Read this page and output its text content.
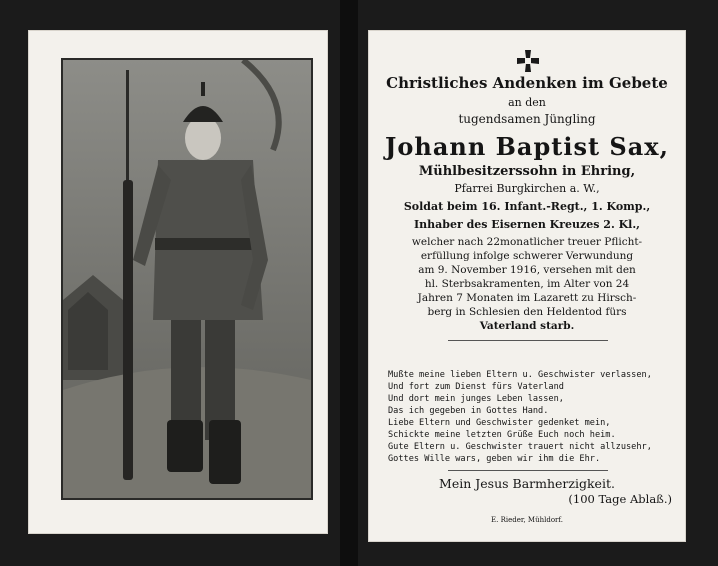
Christliches Andenken im Gebete
an den
tugendsamen Jüngling
Johann Baptist Sax,
Mühlbesitzerssohn in Ehring,
Pfarrei Burgkirchen a. W.,
Soldat beim 16. Infant.-Regt., 1. Komp.,
Inhaber des Eisernen Kreuzes 2. Kl.,
welcher nach 22monatlicher treuer Pflicht-
erfüllung infolge schwerer Verwundung
am 9. November 1916, versehen mit den
hl. Sterbsakramenten, im Alter von 24
Jahren 7 Monaten im Lazarett zu Hirsch-
berg in Schlesien den Heldentod fürs
Vaterland starb.
Mußte meine lieben Eltern u. Geschwister verlassen,
Und fort zum Dienst fürs Vaterland
Und dort mein junges Leben lassen,
Das ich gegeben in Gottes Hand.
Liebe Eltern und Geschwister gedenket mein,
Schickte meine letzten Grüße Euch noch heim.
Gute Eltern u. Geschwister trauert nicht allzusehr,
Gottes Wille wars, geben wir ihm die Ehr.
Mein Jesus Barmherzigkeit.
(100 Tage Ablaß.)
E. Rieder, Mühldorf.
